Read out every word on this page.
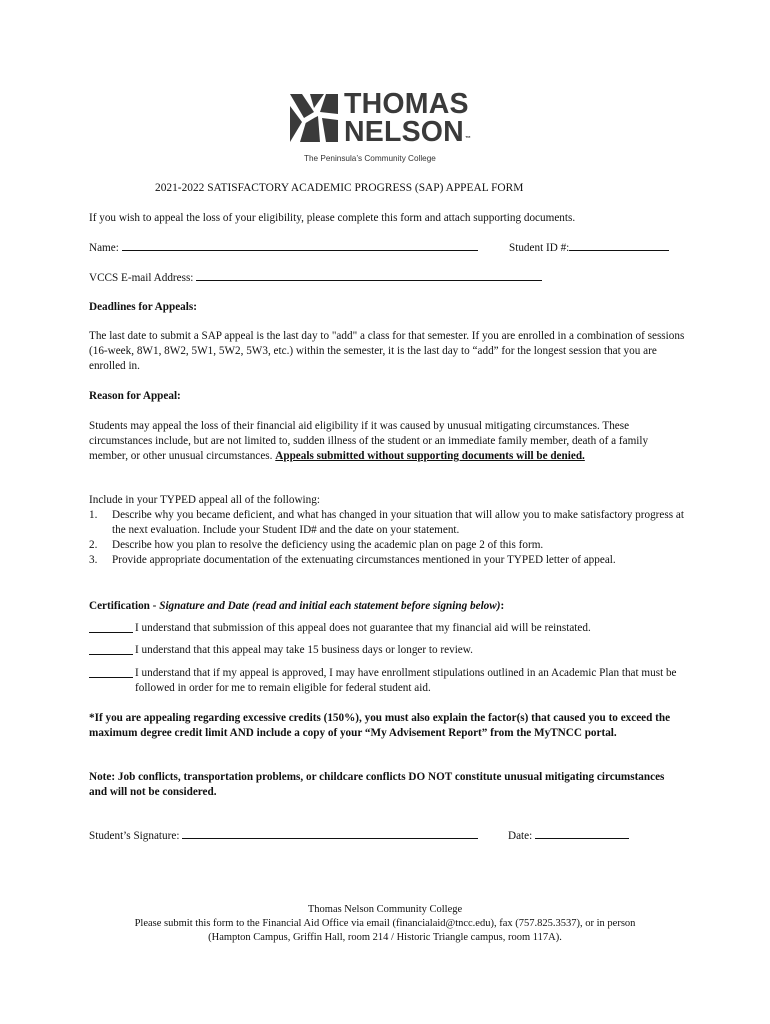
THOMAS
NELSON™
The Peninsula’s Community College
2021-2022 SATISFACTORY ACADEMIC PROGRESS (SAP) APPEAL FORM
If you wish to appeal the loss of your eligibility, please complete this form and attach supporting documents.
Name:	Student ID #:
VCCS E-mail Address:
Deadlines for Appeals:
The last date to submit a SAP appeal is the last day to "add" a class for that semester. If you are enrolled in a combination of sessions (16-week, 8W1, 8W2, 5W1, 5W2, 5W3, etc.) within the semester, it is the last day to “add” for the longest session that you are enrolled in.
Reason for Appeal:
Students may appeal the loss of their financial aid eligibility if it was caused by unusual mitigating circumstances. These circumstances include, but are not limited to, sudden illness of the student or an immediate family member, death of a family member, or other unusual circumstances. Appeals submitted without supporting documents will be denied.
Include in your TYPED appeal all of the following:
1. Describe why you became deficient, and what has changed in your situation that will allow you to make satisfactory progress at the next evaluation. Include your Student ID# and the date on your statement.
2. Describe how you plan to resolve the deficiency using the academic plan on page 2 of this form.
3. Provide appropriate documentation of the extenuating circumstances mentioned in your TYPED letter of appeal.
Certification - Signature and Date (read and initial each statement before signing below):
I understand that submission of this appeal does not guarantee that my financial aid will be reinstated.
I understand that this appeal may take 15 business days or longer to review.
I understand that if my appeal is approved, I may have enrollment stipulations outlined in an Academic Plan that must be followed in order for me to remain eligible for federal student aid.
*If you are appealing regarding excessive credits (150%), you must also explain the factor(s) that caused you to exceed the maximum degree credit limit AND include a copy of your “My Advisement Report” from the MyTNCC portal.
Note: Job conflicts, transportation problems, or childcare conflicts DO NOT constitute unusual mitigating circumstances and will not be considered.
Student’s Signature:	Date:
Thomas Nelson Community College
Please submit this form to the Financial Aid Office via email (financialaid@tncc.edu), fax (757.825.3537), or in person
(Hampton Campus, Griffin Hall, room 214 / Historic Triangle campus, room 117A).
